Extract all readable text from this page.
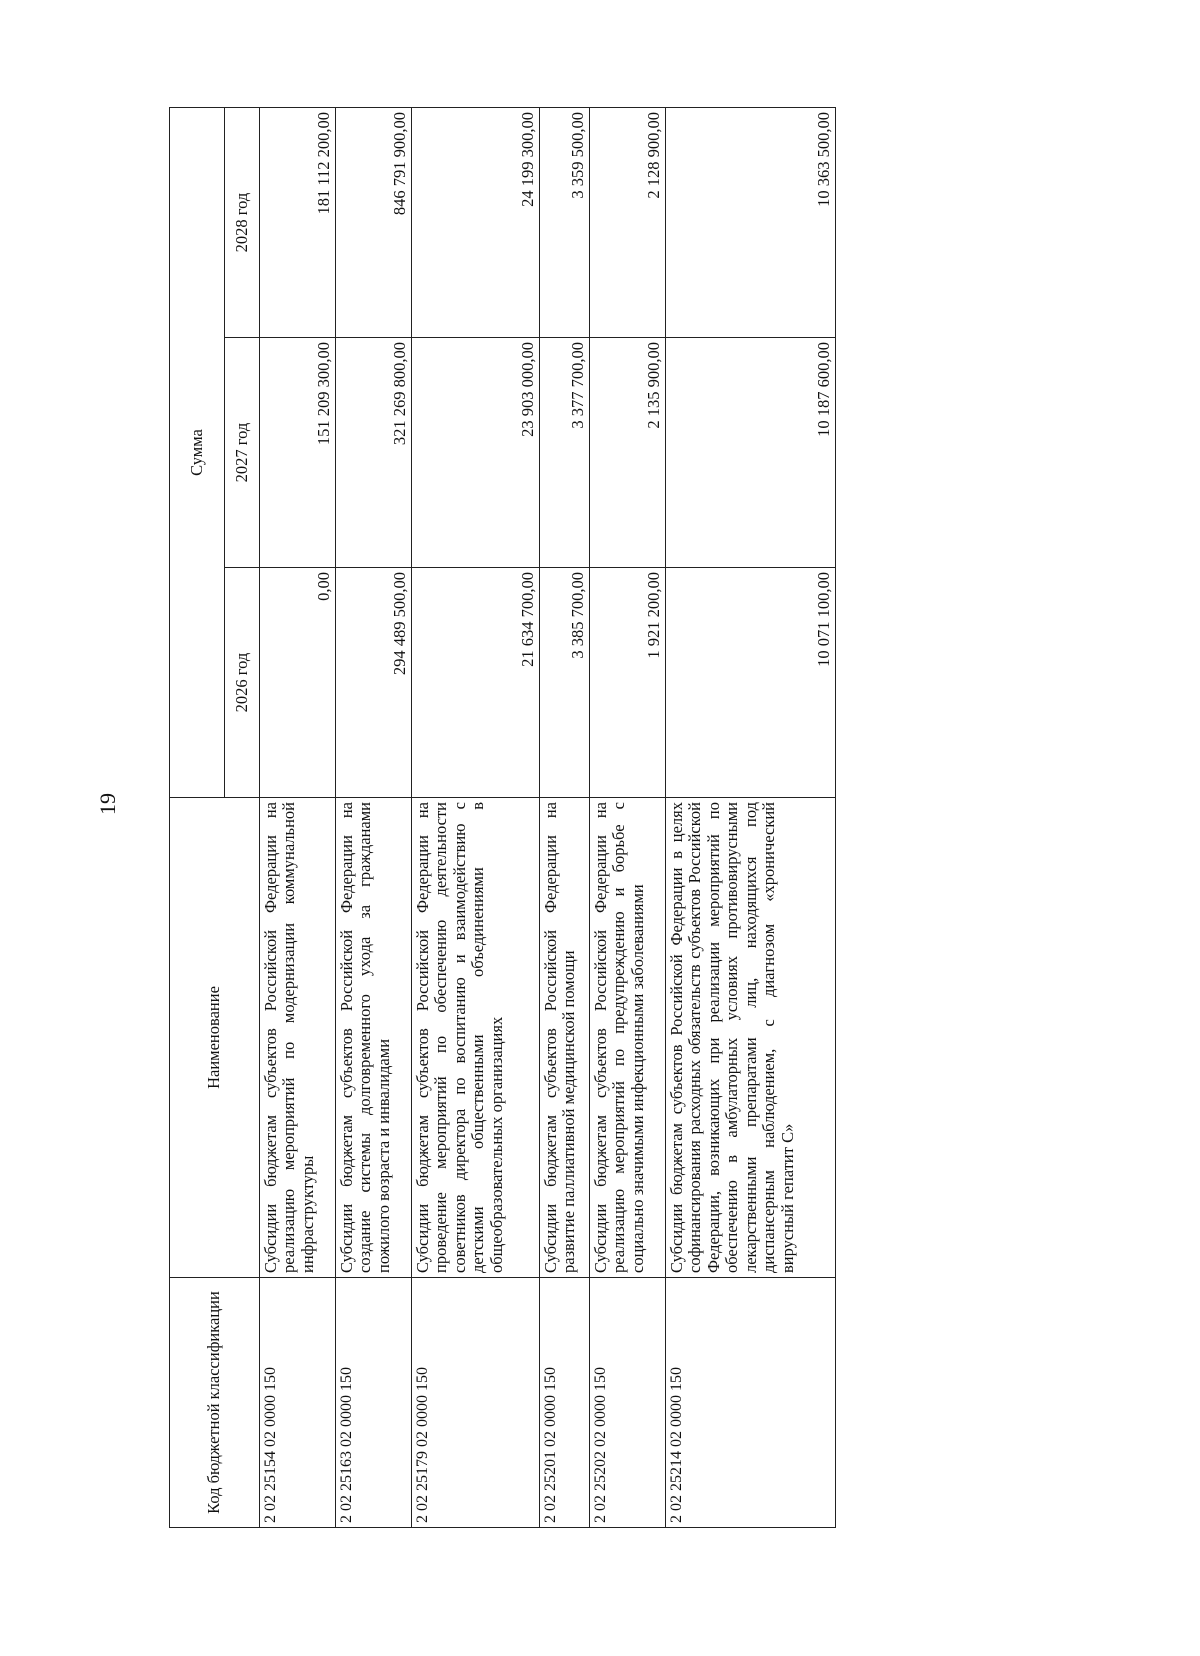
19
Код бюджетной классификации	Наименование	Сумма		
		2026 год	2027 год	2028 год
2 02 25154 02 0000 150	Субсидии бюджетам субъектов Российской Федерации на реализацию мероприятий по модернизации коммунальной инфраструктуры	0,00	151 209 300,00	181 112 200,00
2 02 25163 02 0000 150	Субсидии бюджетам субъектов Российской Федерации на создание системы долговременного ухода за гражданами пожилого возраста и инвалидами	294 489 500,00	321 269 800,00	846 791 900,00
2 02 25179 02 0000 150	Субсидии бюджетам субъектов Российской Федерации на проведение мероприятий по обеспечению деятельности советников директора по воспитанию и взаимодействию с детскими общественными объединениями в общеобразовательных организациях	21 634 700,00	23 903 000,00	24 199 300,00
2 02 25201 02 0000 150	Субсидии бюджетам субъектов Российской Федерации на развитие паллиативной медицинской помощи	3 385 700,00	3 377 700,00	3 359 500,00
2 02 25202 02 0000 150	Субсидии бюджетам субъектов Российской Федерации на реализацию мероприятий по предупреждению и борьбе с социально значимыми инфекционными заболеваниями	1 921 200,00	2 135 900,00	2 128 900,00
2 02 25214 02 0000 150	Субсидии бюджетам субъектов Российской Федерации в целях софинансирования расходных обязательств субъектов Российской Федерации, возникающих при реализации мероприятий по обеспечению в амбулаторных условиях противовирусными лекарственными препаратами лиц, находящихся под диспансерным наблюдением, с диагнозом «хронический вирусный гепатит С»	10 071 100,00	10 187 600,00	10 363 500,00
